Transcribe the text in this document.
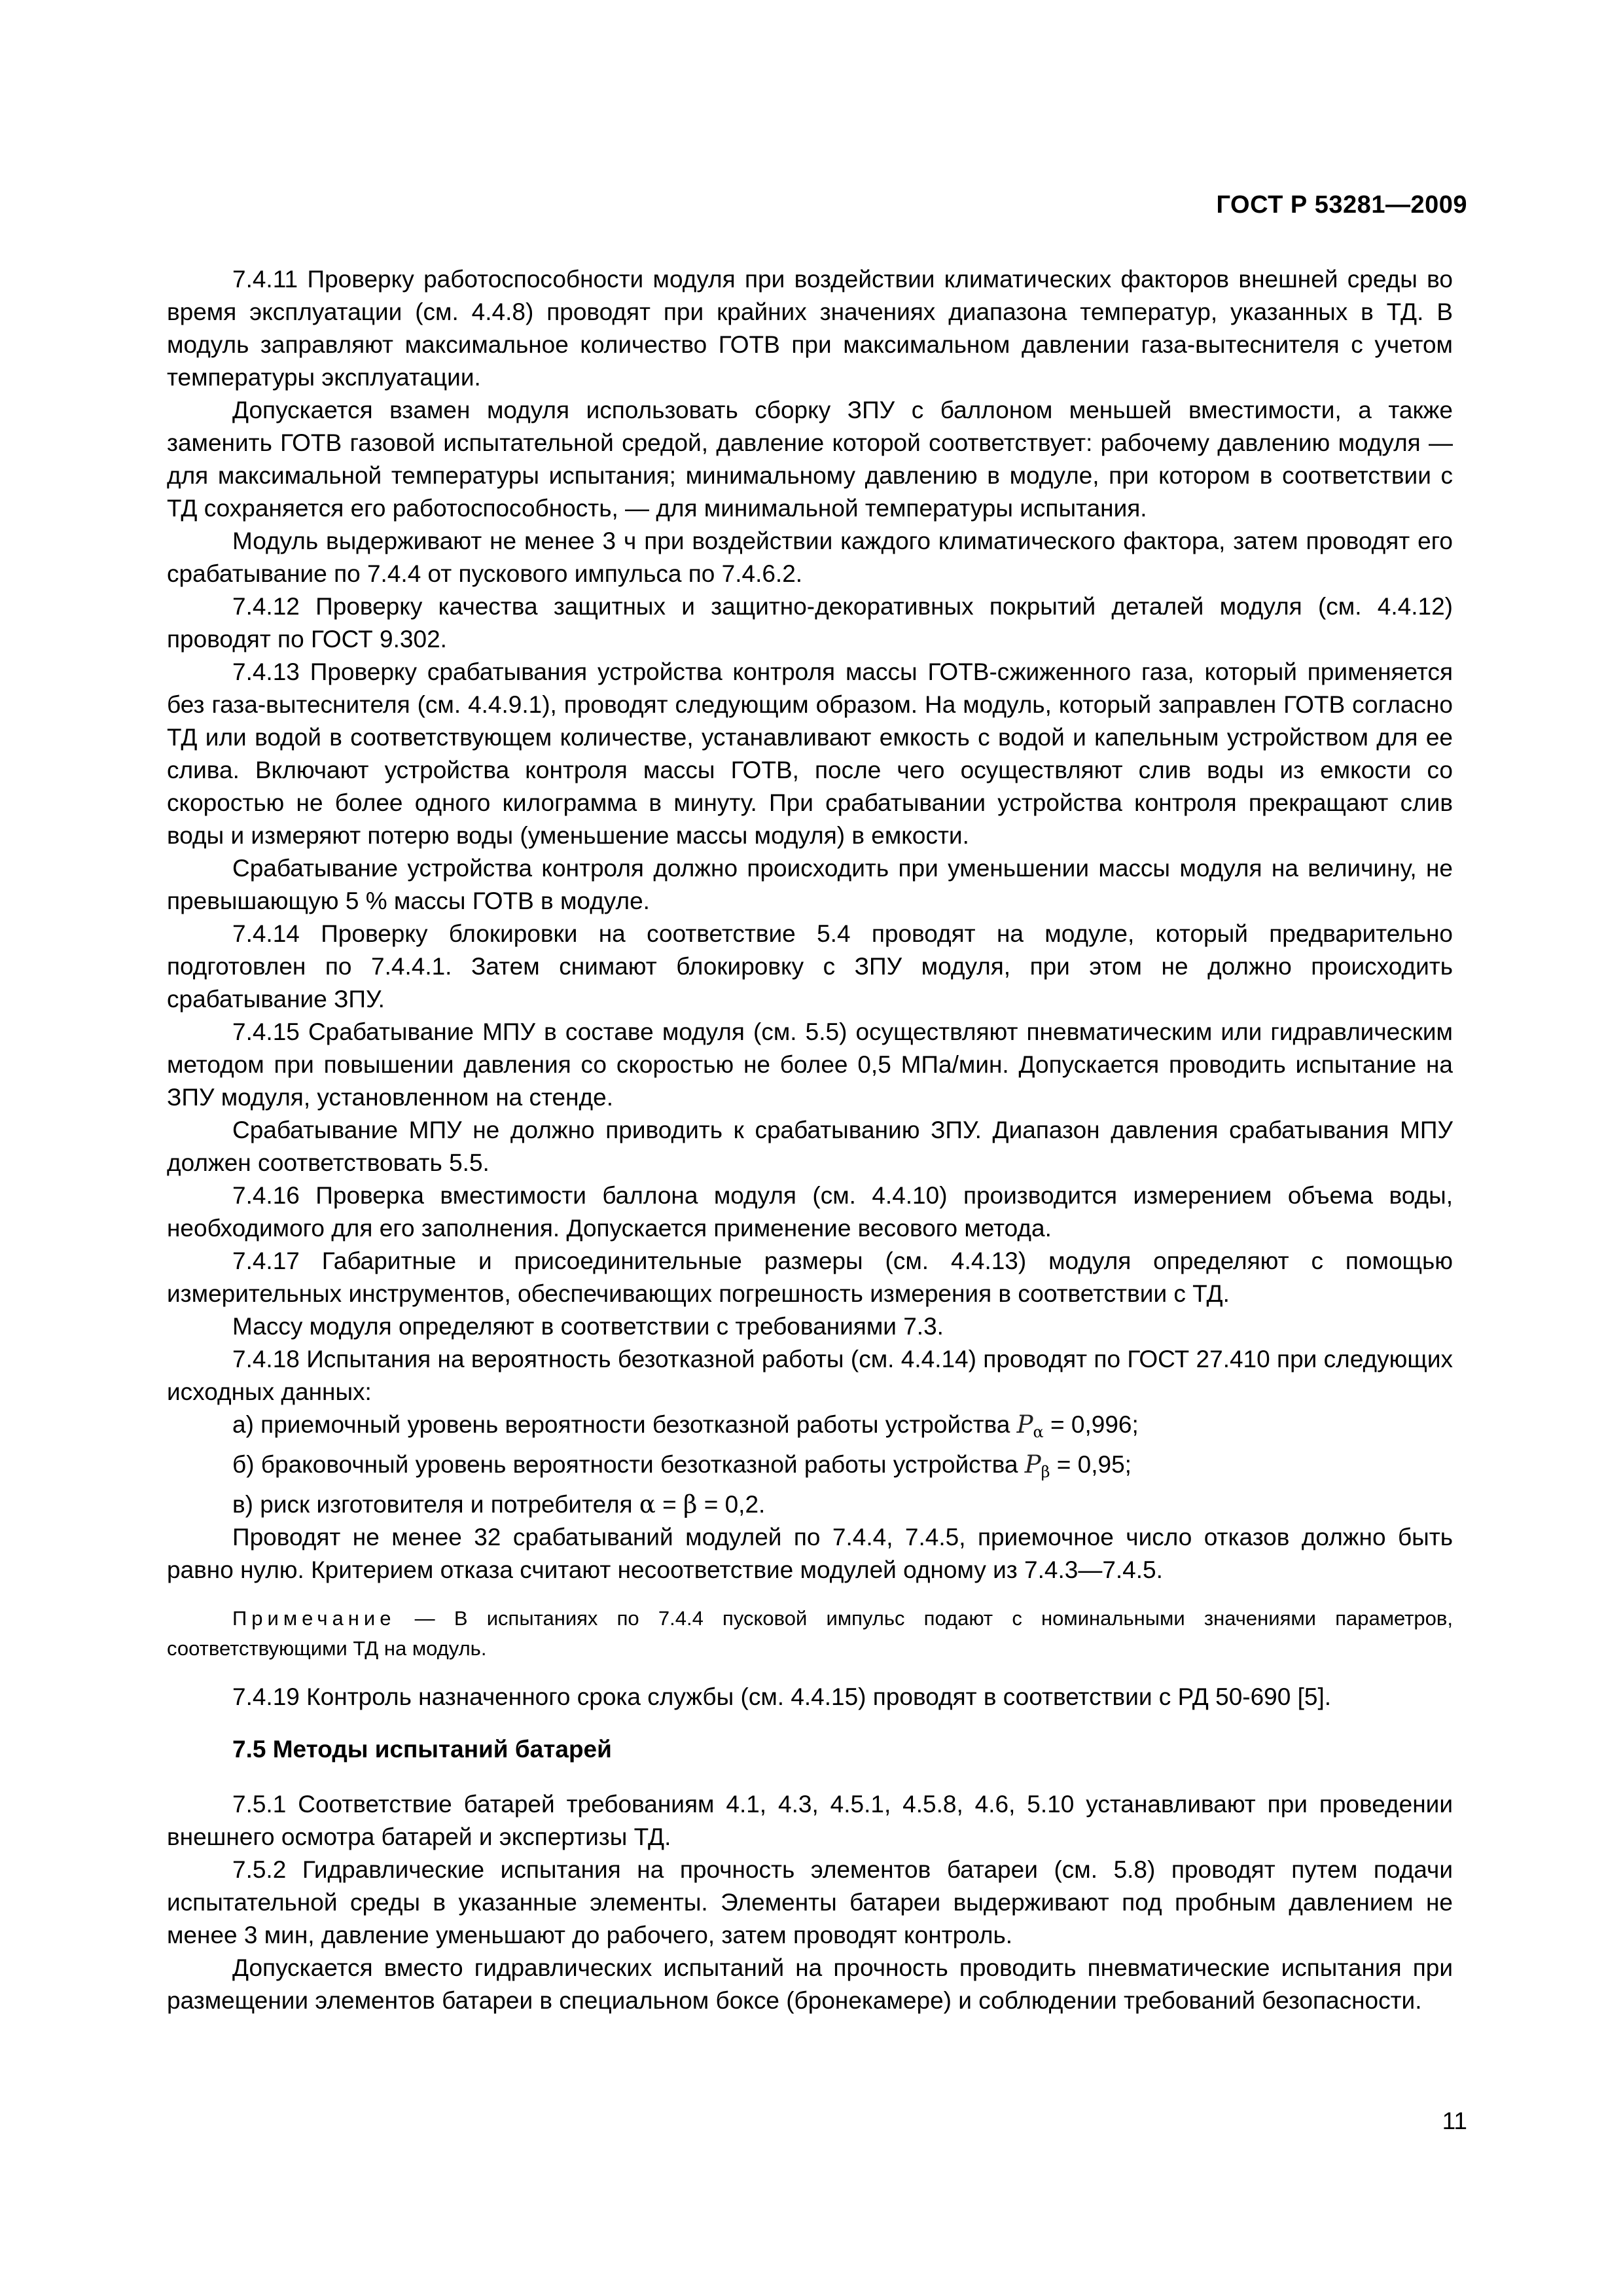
ГОСТ Р 53281—2009

7.4.11 Проверку работоспособности модуля при воздействии климатических факторов внешней среды во время эксплуатации (см. 4.4.8) проводят при крайних значениях диапазона температур, указанных в ТД. В модуль заправляют максимальное количество ГОТВ при максимальном давлении газа-вытеснителя с учетом температуры эксплуатации.

Допускается взамен модуля использовать сборку ЗПУ с баллоном меньшей вместимости, а также заменить ГОТВ газовой испытательной средой, давление которой соответствует: рабочему давлению модуля — для максимальной температуры испытания; минимальному давлению в модуле, при котором в соответствии с ТД сохраняется его работоспособность, — для минимальной температуры испытания.

Модуль выдерживают не менее 3 ч при воздействии каждого климатического фактора, затем проводят его срабатывание по 7.4.4 от пускового импульса по 7.4.6.2.

7.4.12 Проверку качества защитных и защитно-декоративных покрытий деталей модуля (см. 4.4.12) проводят по ГОСТ 9.302.

7.4.13 Проверку срабатывания устройства контроля массы ГОТВ-сжиженного газа, который применяется без газа-вытеснителя (см. 4.4.9.1), проводят следующим образом. На модуль, который заправлен ГОТВ согласно ТД или водой в соответствующем количестве, устанавливают емкость с водой и капельным устройством для ее слива. Включают устройства контроля массы ГОТВ, после чего осуществляют слив воды из емкости со скоростью не более одного килограмма в минуту. При срабатывании устройства контроля прекращают слив воды и измеряют потерю воды (уменьшение массы модуля) в емкости.

Срабатывание устройства контроля должно происходить при уменьшении массы модуля на величину, не превышающую 5 % массы ГОТВ в модуле.

7.4.14 Проверку блокировки на соответствие 5.4 проводят на модуле, который предварительно подготовлен по 7.4.4.1. Затем снимают блокировку с ЗПУ модуля, при этом не должно происходить срабатывание ЗПУ.

7.4.15 Срабатывание МПУ в составе модуля (см. 5.5) осуществляют пневматическим или гидравлическим методом при повышении давления со скоростью не более 0,5 МПа/мин. Допускается проводить испытание на ЗПУ модуля, установленном на стенде.

Срабатывание МПУ не должно приводить к срабатыванию ЗПУ. Диапазон давления срабатывания МПУ должен соответствовать 5.5.

7.4.16 Проверка вместимости баллона модуля (см. 4.4.10) производится измерением объема воды, необходимого для его заполнения. Допускается применение весового метода.

7.4.17 Габаритные и присоединительные размеры (см. 4.4.13) модуля определяют с помощью измерительных инструментов, обеспечивающих погрешность измерения в соответствии с ТД.

Массу модуля определяют в соответствии с требованиями 7.3.

7.4.18 Испытания на вероятность безотказной работы (см. 4.4.14) проводят по ГОСТ 27.410 при следующих исходных данных:

а) приемочный уровень вероятности безотказной работы устройства $P_\alpha = 0,996$;

б) браковочный уровень вероятности безотказной работы устройства $P_\beta = 0,95$;

в) риск изготовителя и потребителя α = β = 0,2.

Проводят не менее 32 срабатываний модулей по 7.4.4, 7.4.5, приемочное число отказов должно быть равно нулю. Критерием отказа считают несоответствие модулей одному из 7.4.3—7.4.5.

Примечание — В испытаниях по 7.4.4 пусковой импульс подают с номинальными значениями параметров, соответствующими ТД на модуль.

7.4.19 Контроль назначенного срока службы (см. 4.4.15) проводят в соответствии с РД 50-690 [5].

7.5 Методы испытаний батарей

7.5.1 Соответствие батарей требованиям 4.1, 4.3, 4.5.1, 4.5.8, 4.6, 5.10 устанавливают при проведении внешнего осмотра батарей и экспертизы ТД.

7.5.2 Гидравлические испытания на прочность элементов батареи (см. 5.8) проводят путем подачи испытательной среды в указанные элементы. Элементы батареи выдерживают под пробным давлением не менее 3 мин, давление уменьшают до рабочего, затем проводят контроль.

Допускается вместо гидравлических испытаний на прочность проводить пневматические испытания при размещении элементов батареи в специальном боксе (бронекамере) и соблюдении требований безопасности.

11
